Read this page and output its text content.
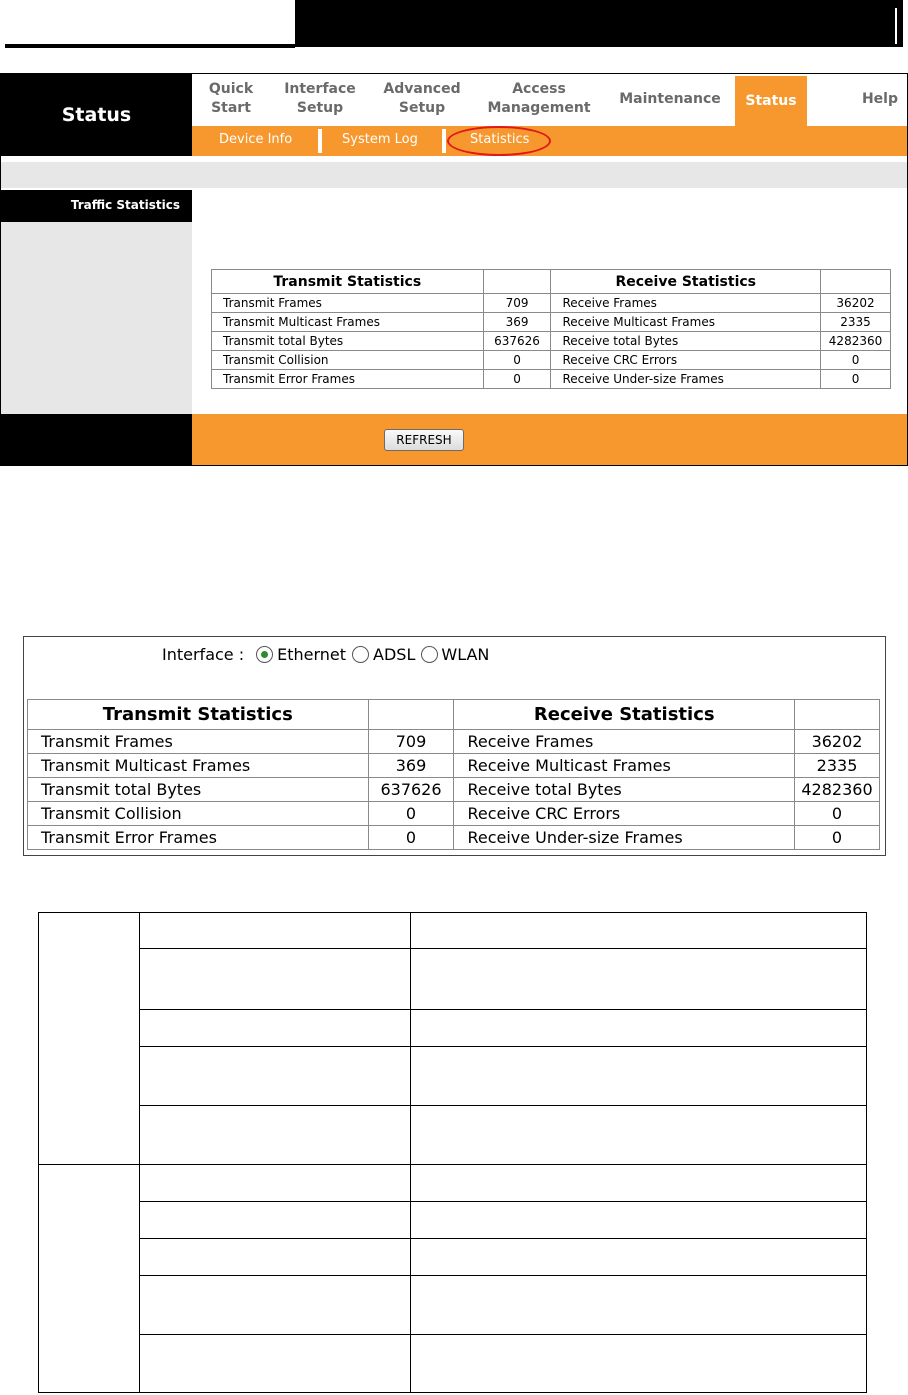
Status
Quick
Start
Interface
Setup
Advanced
Setup
Access
Management
Maintenance	Status	Help
Device Info	System Log	Statistics
Traffic Statistics
Transmit Statistics		Receive Statistics	
Transmit Frames	709	Receive Frames	36202
Transmit Multicast Frames	369	Receive Multicast Frames	2335
Transmit total Bytes	637626	Receive total Bytes	4282360
Transmit Collision	0	Receive CRC Errors	0
Transmit Error Frames	0	Receive Under-size Frames	0
REFRESH
Interface : Ethernet ADSL WLAN
Transmit Statistics		Receive Statistics	
Transmit Frames	709	Receive Frames	36202
Transmit Multicast Frames	369	Receive Multicast Frames	2335
Transmit total Bytes	637626	Receive total Bytes	4282360
Transmit Collision	0	Receive CRC Errors	0
Transmit Error Frames	0	Receive Under-size Frames	0
